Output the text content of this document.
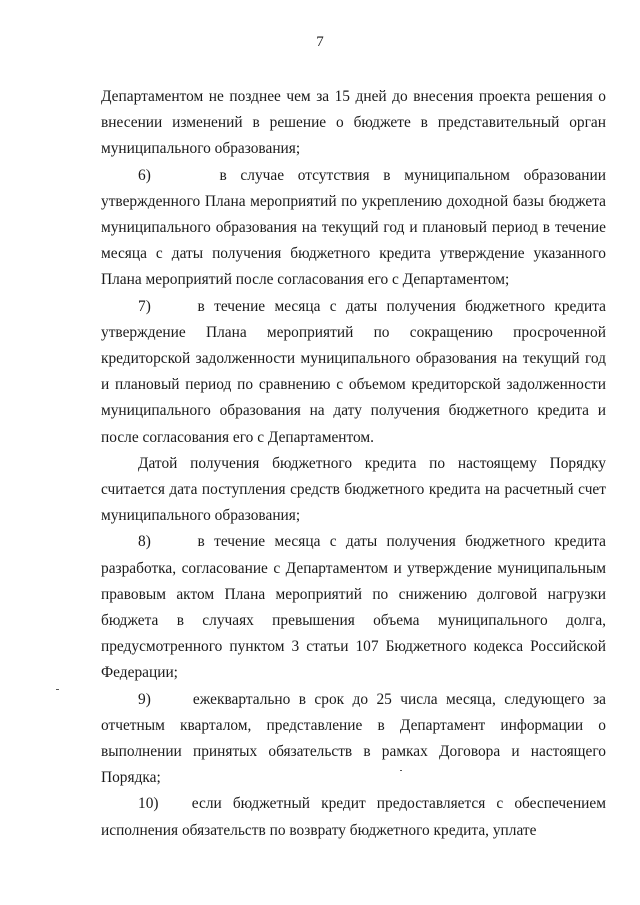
7

Департаментом не позднее чем за 15 дней до внесения проекта решения о внесении изменений в решение о бюджете в представительный орган муниципального образования;

6)     в случае отсутствия в муниципальном образовании утвержденного Плана мероприятий по укреплению доходной базы бюджета муниципального образования на текущий год и плановый период в течение месяца с даты получения бюджетного кредита утверждение указанного Плана мероприятий после согласования его с Департаментом;

7)     в течение месяца с даты получения бюджетного кредита утверждение Плана мероприятий по сокращению просроченной кредиторской задолженности муниципального образования на текущий год и плановый период по сравнению с объемом кредиторской задолженности муниципального образования на дату получения бюджетного кредита и после согласования его с Департаментом.

Датой получения бюджетного кредита по настоящему Порядку считается дата поступления средств бюджетного кредита на расчетный счет муниципального образования;

8)     в течение месяца с даты получения бюджетного кредита разработка, согласование с Департаментом и утверждение муниципальным правовым актом Плана мероприятий по снижению долговой нагрузки бюджета в случаях превышения объема муниципального долга, предусмотренного пунктом 3 статьи 107 Бюджетного кодекса Российской Федерации;

9)     ежеквартально в срок до 25 числа месяца, следующего за отчетным кварталом, представление в Департамент информации о выполнении принятых обязательств в рамках Договора и настоящего Порядка;

10)   если бюджетный кредит предоставляется с обеспечением исполнения обязательств по возврату бюджетного кредита, уплате
